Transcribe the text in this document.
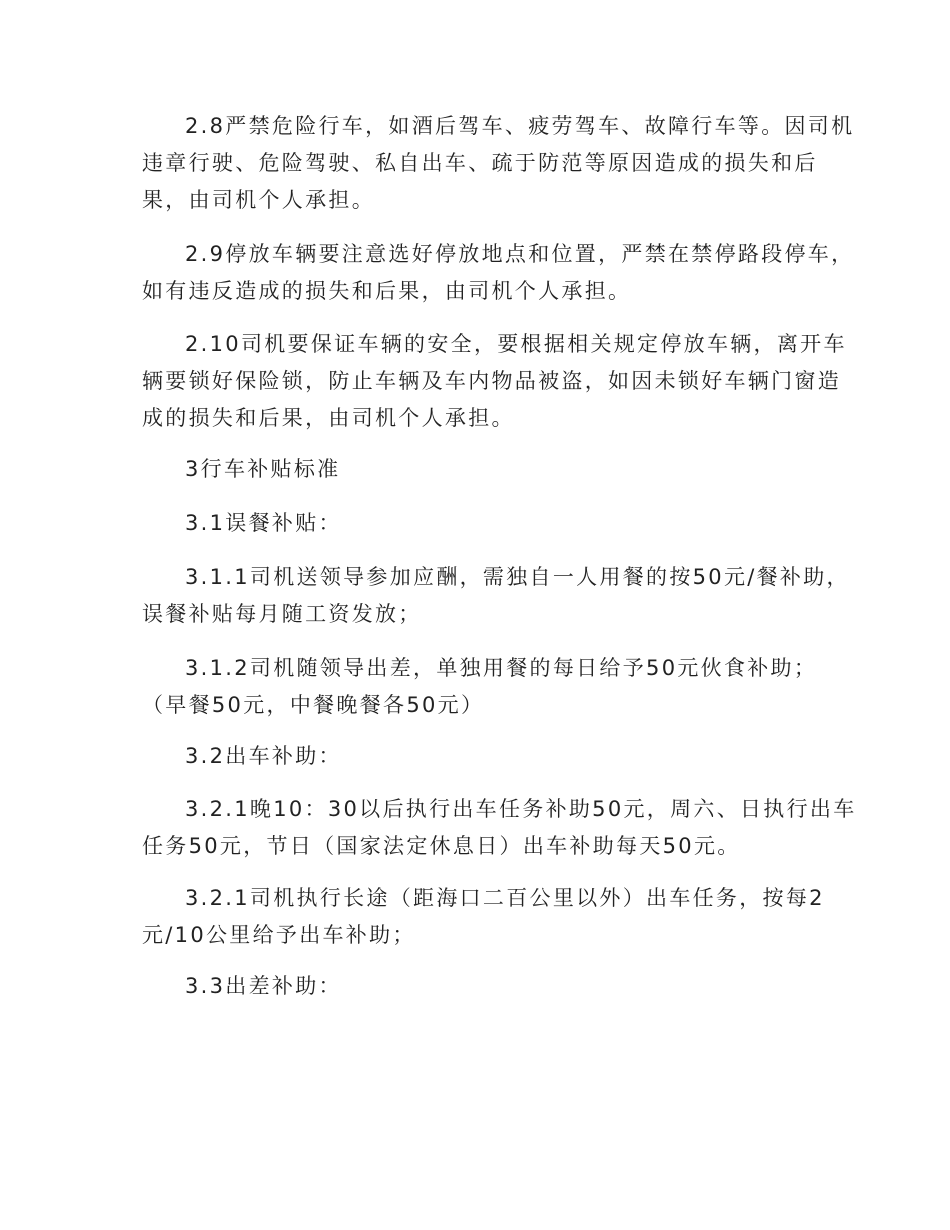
2.8严禁危险行车，如酒后驾车、疲劳驾车、故障行车等。因司机
违章行驶、危险驾驶、私自出车、疏于防范等原因造成的损失和后
果，由司机个人承担。
2.9停放车辆要注意选好停放地点和位置，严禁在禁停路段停车，
如有违反造成的损失和后果，由司机个人承担。
2.10司机要保证车辆的安全，要根据相关规定停放车辆，离开车
辆要锁好保险锁，防止车辆及车内物品被盗，如因未锁好车辆门窗造
成的损失和后果，由司机个人承担。
3行车补贴标准
3.1误餐补贴：
3.1.1司机送领导参加应酬，需独自一人用餐的按50元/餐补助，
误餐补贴每月随工资发放；
3.1.2司机随领导出差，单独用餐的每日给予50元伙食补助；
（早餐50元，中餐晚餐各50元）
3.2出车补助：
3.2.1晚10：30以后执行出车任务补助50元，周六、日执行出车
任务50元，节日（国家法定休息日）出车补助每天50元。
3.2.1司机执行长途（距海口二百公里以外）出车任务，按每2
元/10公里给予出车补助；
3.3出差补助：
